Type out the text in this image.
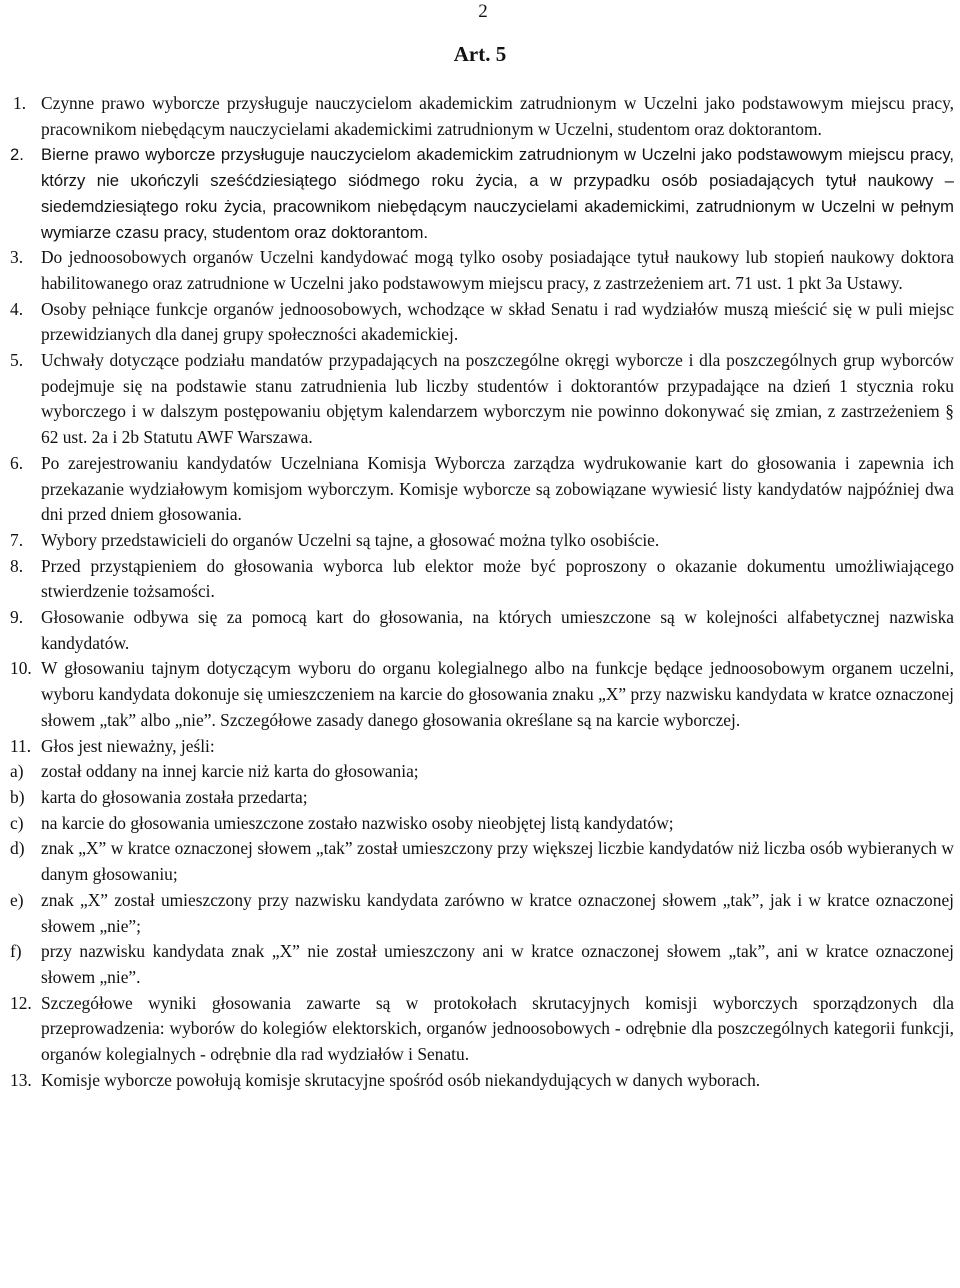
2
Art. 5
1. Czynne prawo wyborcze przysługuje nauczycielom akademickim zatrudnionym w Uczelni jako podstawowym miejscu pracy, pracownikom niebędącym nauczycielami akademickimi zatrudnionym w Uczelni, studentom oraz doktorantom.
2. Bierne prawo wyborcze przysługuje nauczycielom akademickim zatrudnionym w Uczelni jako podstawowym miejscu pracy, którzy nie ukończyli sześćdziesiątego siódmego roku życia, a w przypadku osób posiadających tytuł naukowy – siedemdziesiątego roku życia, pracownikom niebędącym nauczycielami akademickimi, zatrudnionym w Uczelni w pełnym wymiarze czasu pracy, studentom oraz doktorantom.
3. Do jednoosobowych organów Uczelni kandydować mogą tylko osoby posiadające tytuł naukowy lub stopień naukowy doktora habilitowanego oraz zatrudnione w Uczelni jako podstawowym miejscu pracy, z zastrzeżeniem art. 71 ust. 1 pkt 3a Ustawy.
4. Osoby pełniące funkcje organów jednoosobowych, wchodzące w skład Senatu i rad wydziałów muszą mieścić się w puli miejsc przewidzianych dla danej grupy społeczności akademickiej.
5. Uchwały dotyczące podziału mandatów przypadających na poszczególne okręgi wyborcze i dla poszczególnych grup wyborców podejmuje się na podstawie stanu zatrudnienia lub liczby studentów i doktorantów przypadające na dzień 1 stycznia roku wyborczego i w dalszym postępowaniu objętym kalendarzem wyborczym nie powinno dokonywać się zmian, z zastrzeżeniem § 62 ust. 2a i 2b Statutu AWF Warszawa.
6. Po zarejestrowaniu kandydatów Uczelniana Komisja Wyborcza zarządza wydrukowanie kart do głosowania i zapewnia ich przekazanie wydziałowym komisjom wyborczym. Komisje wyborcze są zobowiązane wywiesić listy kandydatów najpóźniej dwa dni przed dniem głosowania.
7. Wybory przedstawicieli do organów Uczelni są tajne, a głosować można tylko osobiście.
8. Przed przystąpieniem do głosowania wyborca lub elektor może być poproszony o okazanie dokumentu umożliwiającego stwierdzenie tożsamości.
9. Głosowanie odbywa się za pomocą kart do głosowania, na których umieszczone są w kolejności alfabetycznej nazwiska kandydatów.
10. W głosowaniu tajnym dotyczącym wyboru do organu kolegialnego albo na funkcje będące jednoosobowym organem uczelni, wyboru kandydata dokonuje się umieszczeniem na karcie do głosowania znaku „X” przy nazwisku kandydata w kratce oznaczonej słowem „tak” albo „nie”. Szczegółowe zasady danego głosowania określane są na karcie wyborczej.
11. Głos jest nieważny, jeśli:
a) został oddany na innej karcie niż karta do głosowania;
b) karta do głosowania została przedarta;
c) na karcie do głosowania umieszczone zostało nazwisko osoby nieobjętej listą kandydatów;
d) znak „X” w kratce oznaczonej słowem „tak” został umieszczony przy większej liczbie kandydatów niż liczba osób wybieranych w danym głosowaniu;
e) znak „X” został umieszczony przy nazwisku kandydata zarówno w kratce oznaczonej słowem „tak”, jak i w kratce oznaczonej słowem „nie”;
f) przy nazwisku kandydata znak „X” nie został umieszczony ani w kratce oznaczonej słowem „tak”, ani w kratce oznaczonej słowem „nie”.
12. Szczegółowe wyniki głosowania zawarte są w protokołach skrutacyjnych komisji wyborczych sporządzonych dla przeprowadzenia: wyborów do kolegiów elektorskich, organów jednoosobowych - odrębnie dla poszczególnych kategorii funkcji, organów kolegialnych - odrębnie dla rad wydziałów i Senatu.
13. Komisje wyborcze powołują komisje skrutacyjne spośród osób niekandydujących w danych wyborach.
